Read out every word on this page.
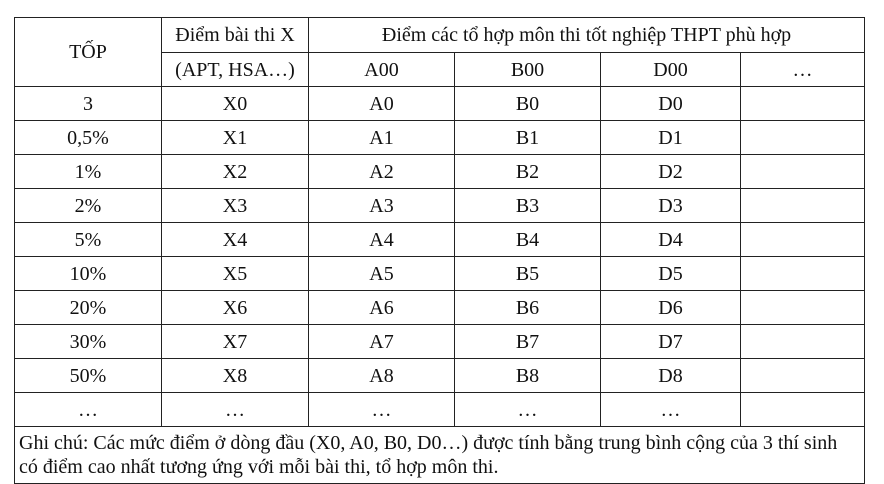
TỐP	Điểm bài thi X	Điểm các tổ hợp môn thi tốt nghiệp THPT phù hợp			
	(APT, HSA…)	A00	B00	D00	…
3	X0	A0	B0	D0	
0,5%	X1	A1	B1	D1	
1%	X2	A2	B2	D2	
2%	X3	A3	B3	D3	
5%	X4	A4	B4	D4	
10%	X5	A5	B5	D5	
20%	X6	A6	B6	D6	
30%	X7	A7	B7	D7	
50%	X8	A8	B8	D8	
…	…	…	…	…	
Ghi chú: Các mức điểm ở dòng đầu (X0, A0, B0, D0…) được tính bằng trung bình cộng của 3 thí sinh có điểm cao nhất tương ứng với mỗi bài thi, tổ hợp môn thi.					
